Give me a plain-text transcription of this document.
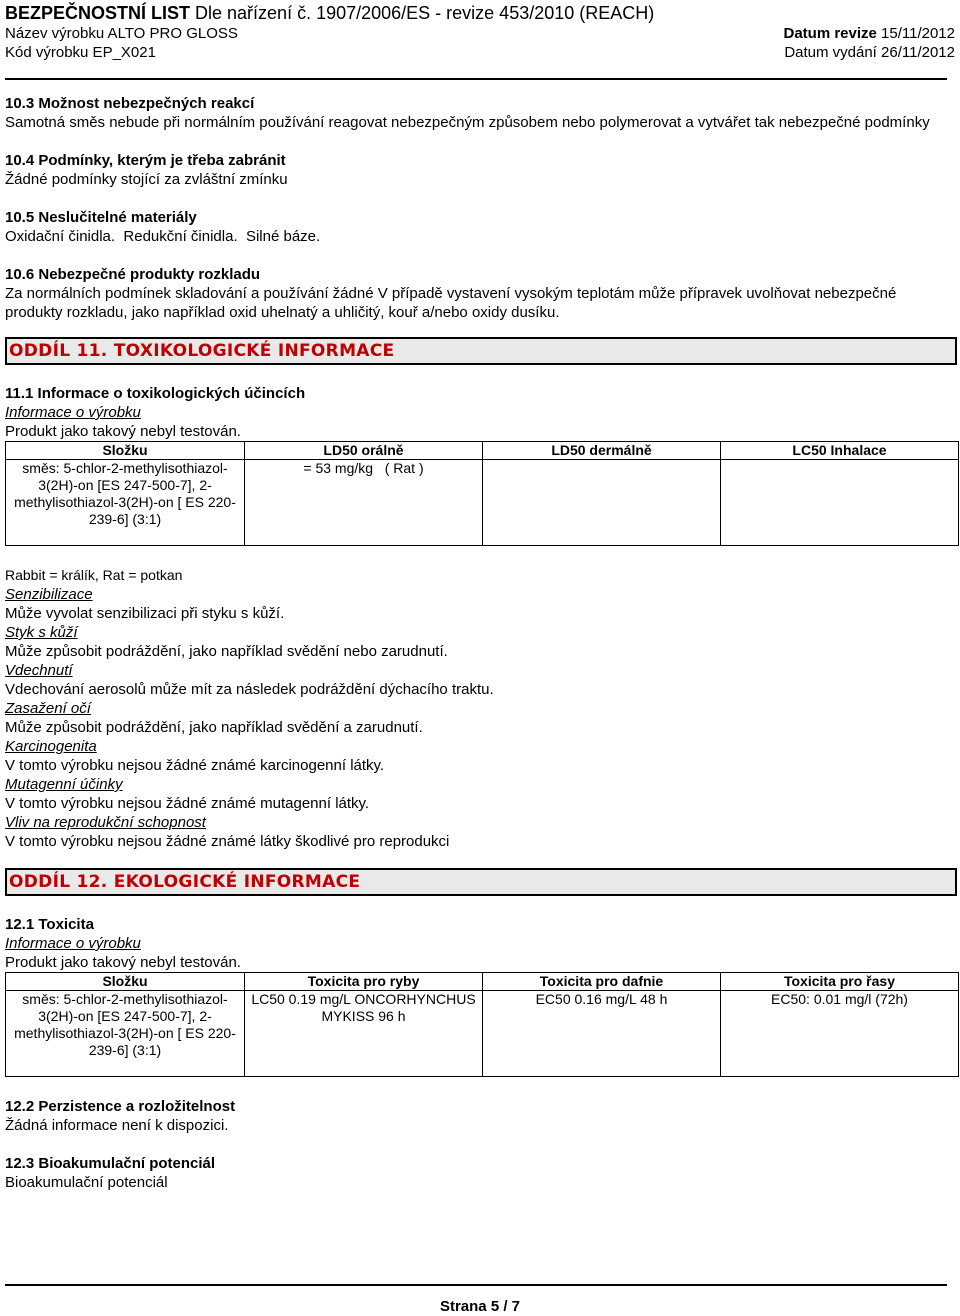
BEZPEČNOSTNÍ LIST Dle nařízení č. 1907/2006/ES - revize 453/2010 (REACH)
Název výrobku ALTO PRO GLOSS	Datum revize 15/11/2012
Kód výrobku EP_X021	Datum vydání 26/11/2012
10.3 Možnost nebezpečných reakcí
Samotná směs nebude při normálním používání reagovat nebezpečným způsobem nebo polymerovat a vytvářet tak nebezpečné podmínky
10.4 Podmínky, kterým je třeba zabránit
Žádné podmínky stojící za zvláštní zmínku
10.5 Neslučitelné materiály
Oxidační činidla.  Redukční činidla.  Silné báze.
10.6 Nebezpečné produkty rozkladu
Za normálních podmínek skladování a používání žádné V případě vystavení vysokým teplotám může přípravek uvolňovat nebezpečné produkty rozkladu, jako například oxid uhelnatý a uhličitý, kouř a/nebo oxidy dusíku.
ODDÍL 11. TOXIKOLOGICKÉ INFORMACE
11.1 Informace o toxikologických účincích
Informace o výrobku
Produkt jako takový nebyl testován.
Složku	LD50 orálně	LD50 dermálně	LC50 Inhalace
směs: 5-chlor-2-methylisothiazol-3(2H)-on [ES 247-500-7], 2-methylisothiazol-3(2H)-on [ ES 220-239-6] (3:1)	= 53 mg/kg   ( Rat )		
Rabbit = králík, Rat = potkan
Senzibilizace
Může vyvolat senzibilizaci při styku s kůží.
Styk s kůží
Může způsobit podráždění, jako například svědění nebo zarudnutí.
Vdechnutí
Vdechování aerosolů může mít za následek podráždění dýchacího traktu.
Zasažení očí
Může způsobit podráždění, jako například svědění a zarudnutí.
Karcinogenita
V tomto výrobku nejsou žádné známé karcinogenní látky.
Mutagenní účinky
V tomto výrobku nejsou žádné známé mutagenní látky.
Vliv na reprodukční schopnost
V tomto výrobku nejsou žádné známé látky škodlivé pro reprodukci
ODDÍL 12. EKOLOGICKÉ INFORMACE
12.1 Toxicita
Informace o výrobku
Produkt jako takový nebyl testován.
Složku	Toxicita pro ryby	Toxicita pro dafnie	Toxicita pro řasy
směs: 5-chlor-2-methylisothiazol-3(2H)-on [ES 247-500-7], 2-methylisothiazol-3(2H)-on [ ES 220-239-6] (3:1)	LC50 0.19 mg/L ONCORHYNCHUS MYKISS 96 h	EC50 0.16 mg/L 48 h	EC50: 0.01 mg/l (72h)
12.2 Perzistence a rozložitelnost
Žádná informace není k dispozici.
12.3 Bioakumulační potenciál
Bioakumulační potenciál
Strana 5 / 7
